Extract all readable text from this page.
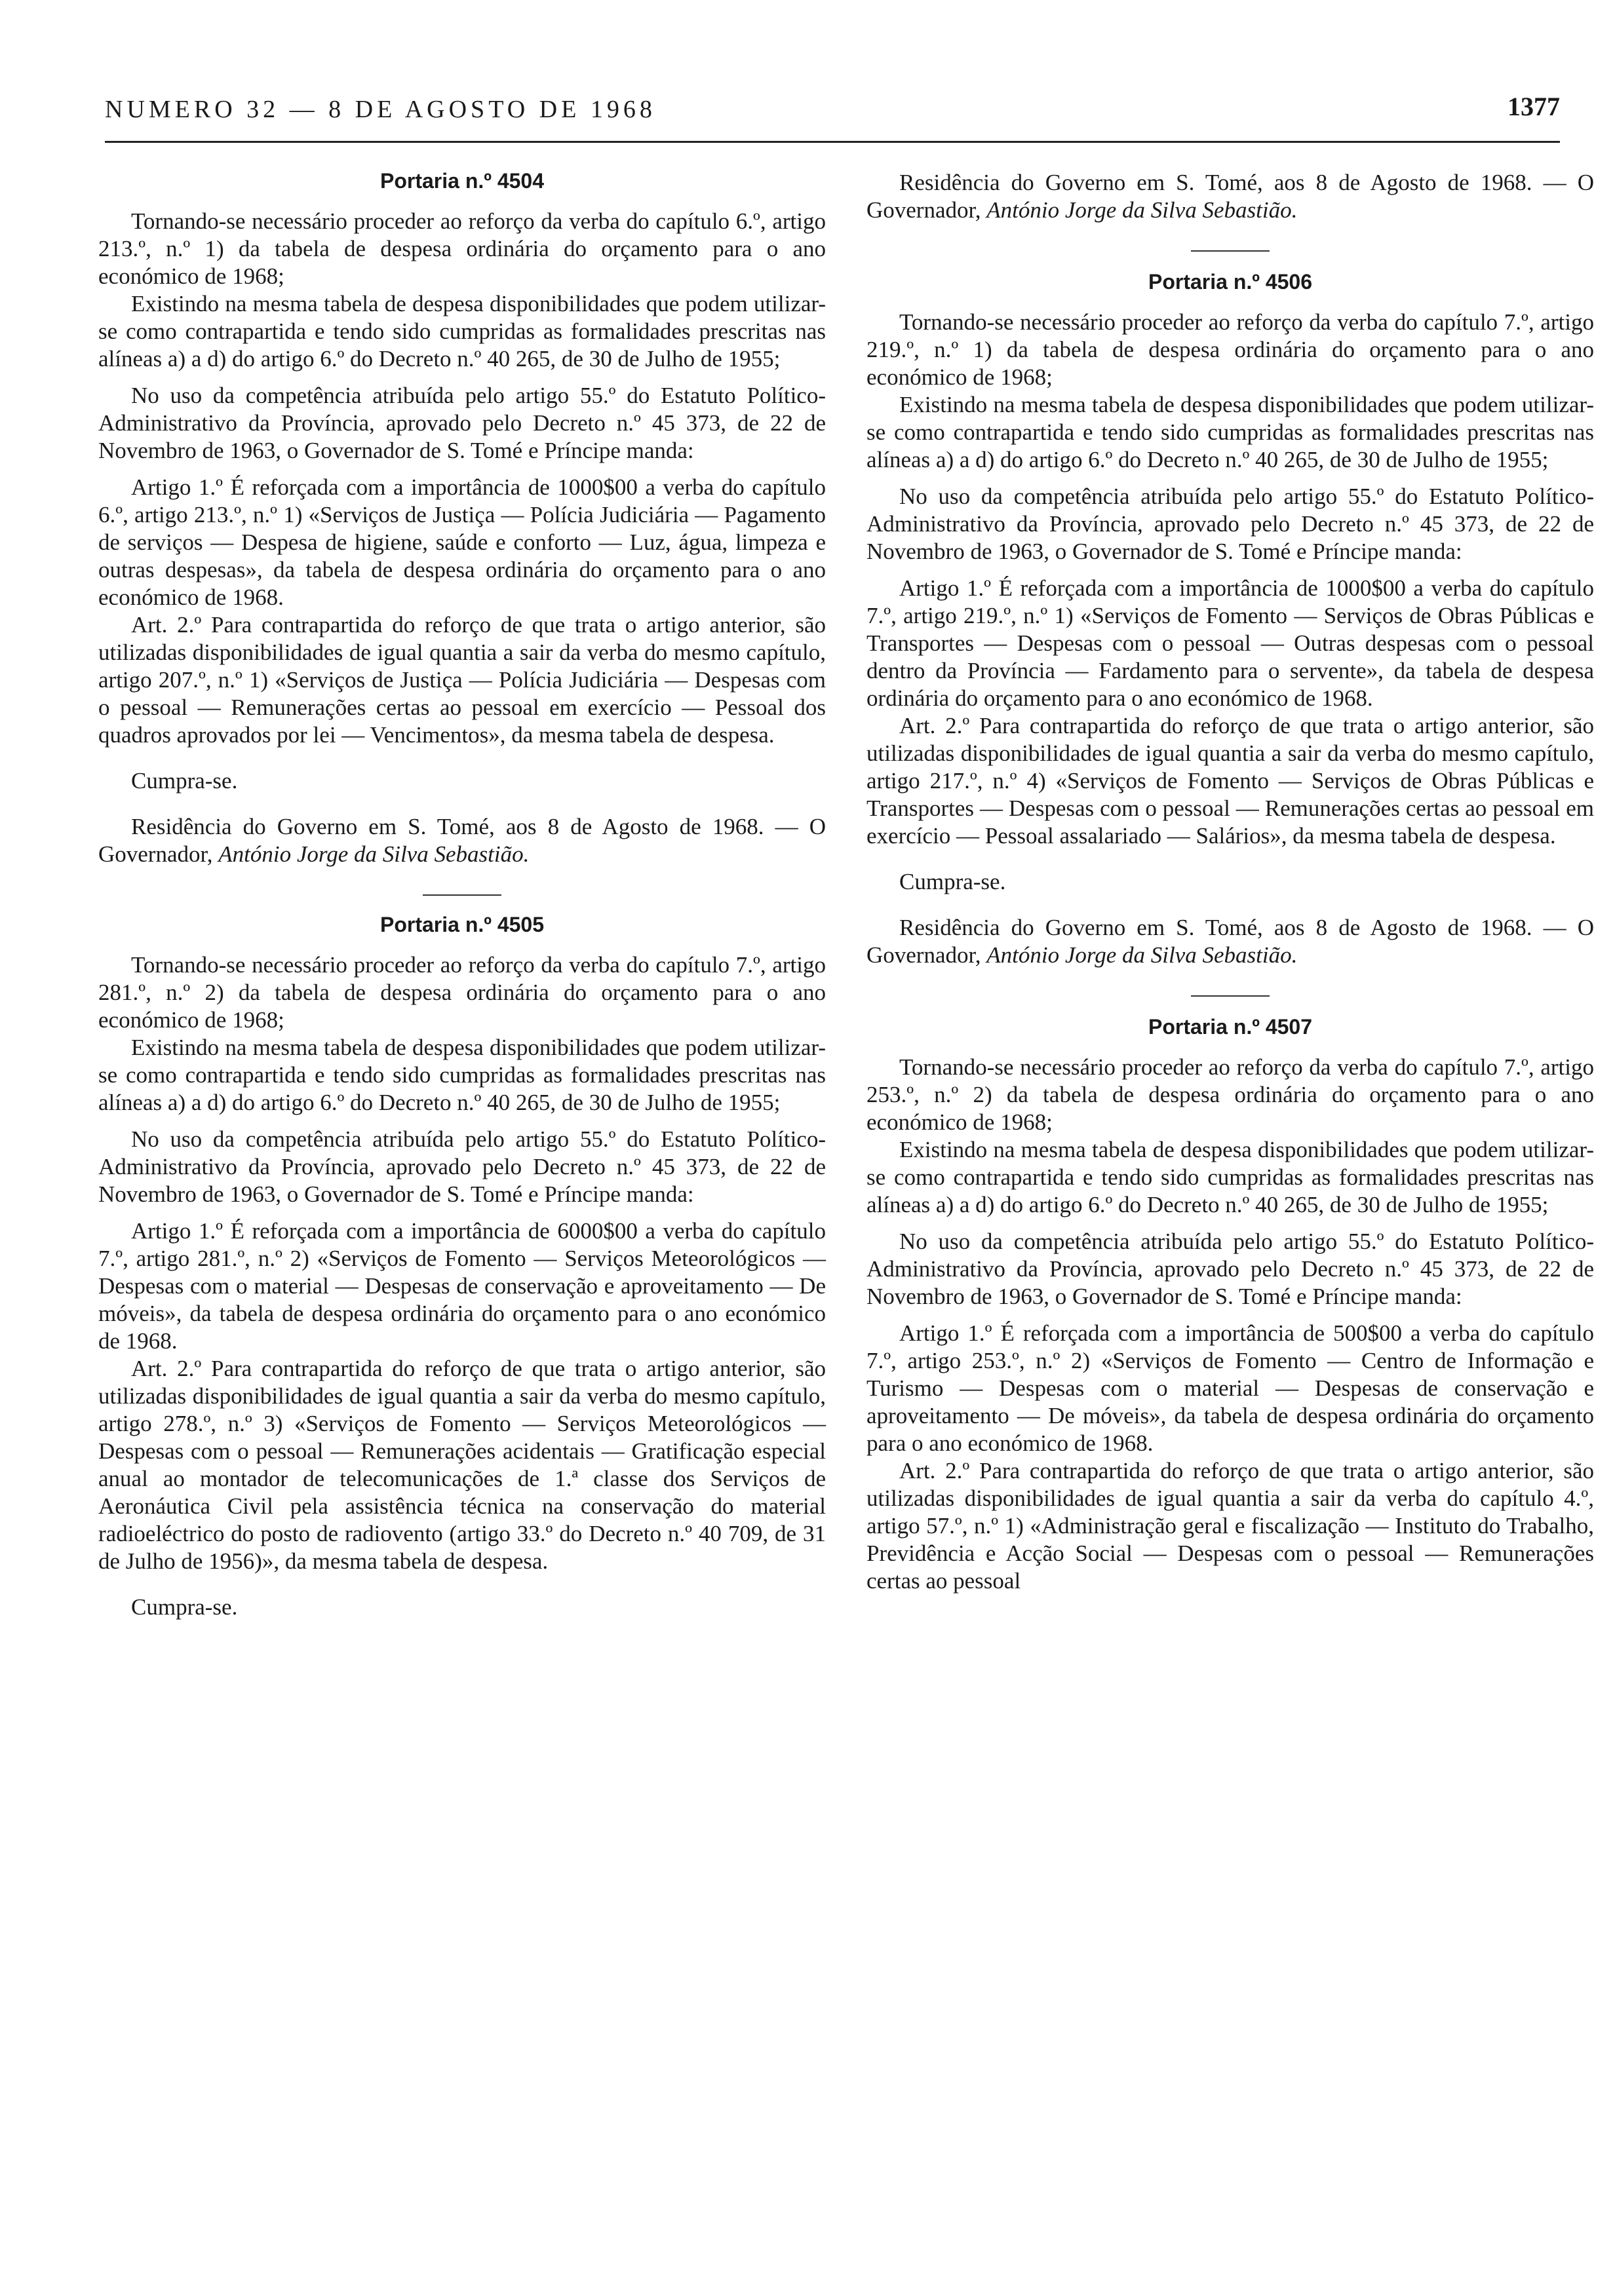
NUMERO 32 — 8 DE AGOSTO DE 1968	1377
Portaria n.º 4504

Tornando-se necessário proceder ao reforço da verba do capítulo 6.º, artigo 213.º, n.º 1) da tabela de despesa ordinária do orçamento para o ano económico de 1968;

Existindo na mesma tabela de despesa disponibilidades que podem utilizar-se como contrapartida e tendo sido cumpridas as formalidades prescritas nas alíneas a) a d) do artigo 6.º do Decreto n.º 40 265, de 30 de Julho de 1955;

No uso da competência atribuída pelo artigo 55.º do Estatuto Político-Administrativo da Província, aprovado pelo Decreto n.º 45 373, de 22 de Novembro de 1963, o Governador de S. Tomé e Príncipe manda:

Artigo 1.º É reforçada com a importância de 1000$00 a verba do capítulo 6.º, artigo 213.º, n.º 1) «Serviços de Justiça — Polícia Judiciária — Pagamento de serviços — Despesa de higiene, saúde e conforto — Luz, água, limpeza e outras despesas», da tabela de despesa ordinária do orçamento para o ano económico de 1968.

Art. 2.º Para contrapartida do reforço de que trata o artigo anterior, são utilizadas disponibilidades de igual quantia a sair da verba do mesmo capítulo, artigo 207.º, n.º 1) «Serviços de Justiça — Polícia Judiciária — Despesas com o pessoal — Remunerações certas ao pessoal em exercício — Pessoal dos quadros aprovados por lei — Vencimentos», da mesma tabela de despesa.

Cumpra-se.

Residência do Governo em S. Tomé, aos 8 de Agosto de 1968. — O Governador, António Jorge da Silva Sebastião.

Portaria n.º 4505

Tornando-se necessário proceder ao reforço da verba do capítulo 7.º, artigo 281.º, n.º 2) da tabela de despesa ordinária do orçamento para o ano económico de 1968;

Existindo na mesma tabela de despesa disponibilidades que podem utilizar-se como contrapartida e tendo sido cumpridas as formalidades prescritas nas alíneas a) a d) do artigo 6.º do Decreto n.º 40 265, de 30 de Julho de 1955;

No uso da competência atribuída pelo artigo 55.º do Estatuto Político-Administrativo da Província, aprovado pelo Decreto n.º 45 373, de 22 de Novembro de 1963, o Governador de S. Tomé e Príncipe manda:

Artigo 1.º É reforçada com a importância de 6000$00 a verba do capítulo 7.º, artigo 281.º, n.º 2) «Serviços de Fomento — Serviços Meteorológicos — Despesas com o material — Despesas de conservação e aproveitamento — De móveis», da tabela de despesa ordinária do orçamento para o ano económico de 1968.

Art. 2.º Para contrapartida do reforço de que trata o artigo anterior, são utilizadas disponibilidades de igual quantia a sair da verba do mesmo capítulo, artigo 278.º, n.º 3) «Serviços de Fomento — Serviços Meteorológicos — Despesas com o pessoal — Remunerações acidentais — Gratificação especial anual ao montador de telecomunicações de 1.ª classe dos Serviços de Aeronáutica Civil pela assistência técnica na conservação do material radioeléctrico do posto de radiovento (artigo 33.º do Decreto n.º 40 709, de 31 de Julho de 1956)», da mesma tabela de despesa.

Cumpra-se.

Residência do Governo em S. Tomé, aos 8 de Agosto de 1968. — O Governador, António Jorge da Silva Sebastião.

Portaria n.º 4506

Tornando-se necessário proceder ao reforço da verba do capítulo 7.º, artigo 219.º, n.º 1) da tabela de despesa ordinária do orçamento para o ano económico de 1968;

Existindo na mesma tabela de despesa disponibilidades que podem utilizar-se como contrapartida e tendo sido cumpridas as formalidades prescritas nas alíneas a) a d) do artigo 6.º do Decreto n.º 40 265, de 30 de Julho de 1955;

No uso da competência atribuída pelo artigo 55.º do Estatuto Político-Administrativo da Província, aprovado pelo Decreto n.º 45 373, de 22 de Novembro de 1963, o Governador de S. Tomé e Príncipe manda:

Artigo 1.º É reforçada com a importância de 1000$00 a verba do capítulo 7.º, artigo 219.º, n.º 1) «Serviços de Fomento — Serviços de Obras Públicas e Transportes — Despesas com o pessoal — Outras despesas com o pessoal dentro da Província — Fardamento para o servente», da tabela de despesa ordinária do orçamento para o ano económico de 1968.

Art. 2.º Para contrapartida do reforço de que trata o artigo anterior, são utilizadas disponibilidades de igual quantia a sair da verba do mesmo capítulo, artigo 217.º, n.º 4) «Serviços de Fomento — Serviços de Obras Públicas e Transportes — Despesas com o pessoal — Remunerações certas ao pessoal em exercício — Pessoal assalariado — Salários», da mesma tabela de despesa.

Cumpra-se.

Residência do Governo em S. Tomé, aos 8 de Agosto de 1968. — O Governador, António Jorge da Silva Sebastião.

Portaria n.º 4507

Tornando-se necessário proceder ao reforço da verba do capítulo 7.º, artigo 253.º, n.º 2) da tabela de despesa ordinária do orçamento para o ano económico de 1968;

Existindo na mesma tabela de despesa disponibilidades que podem utilizar-se como contrapartida e tendo sido cumpridas as formalidades prescritas nas alíneas a) a d) do artigo 6.º do Decreto n.º 40 265, de 30 de Julho de 1955;

No uso da competência atribuída pelo artigo 55.º do Estatuto Político-Administrativo da Província, aprovado pelo Decreto n.º 45 373, de 22 de Novembro de 1963, o Governador de S. Tomé e Príncipe manda:

Artigo 1.º É reforçada com a importância de 500$00 a verba do capítulo 7.º, artigo 253.º, n.º 2) «Serviços de Fomento — Centro de Informação e Turismo — Despesas com o material — Despesas de conservação e aproveitamento — De móveis», da tabela de despesa ordinária do orçamento para o ano económico de 1968.

Art. 2.º Para contrapartida do reforço de que trata o artigo anterior, são utilizadas disponibilidades de igual quantia a sair da verba do capítulo 4.º, artigo 57.º, n.º 1) «Administração geral e fiscalização — Instituto do Trabalho, Previdência e Acção Social — Despesas com o pessoal — Remunerações certas ao pessoal
